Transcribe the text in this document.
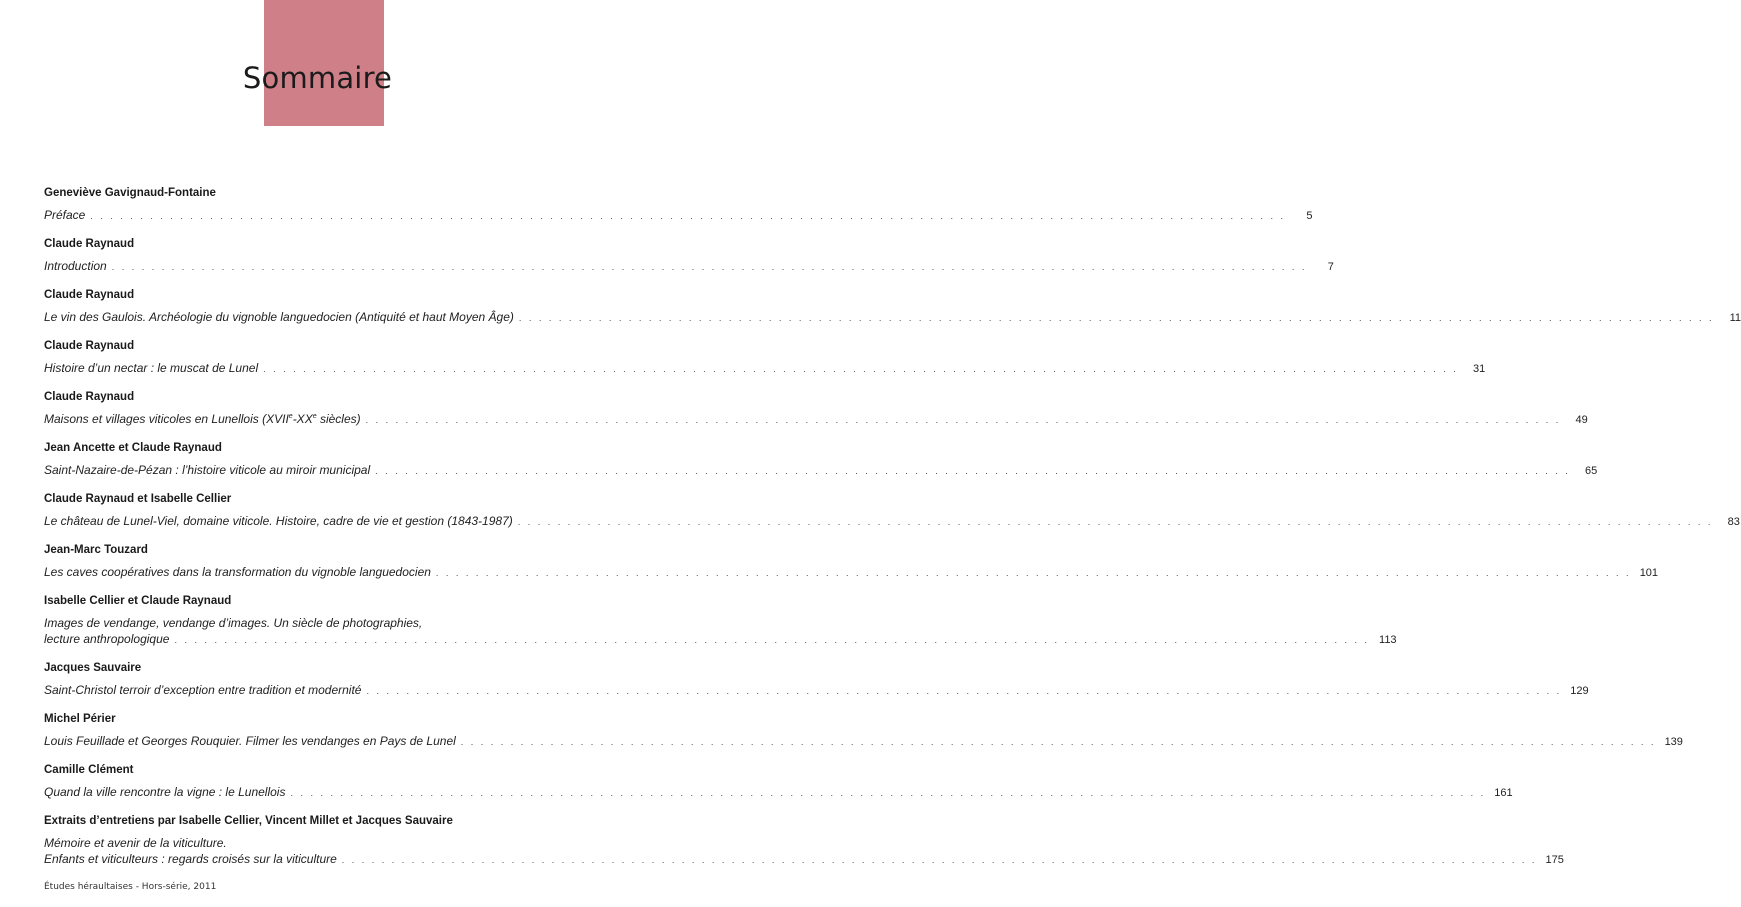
Sommaire
Geneviève Gavignaud-Fontaine
Préface . . . . . . . . . . . . . . . . . . . . . . . . . . . . . . . . . . . . . . . . . . . . . . . . . . . . . . . . . . . . . . . . . . . . . . . . . . . . . . . . . . . . . . . . . . . . . . . . . . . . . . . . . . . . . . . . . . . . . . . .	5
Claude Raynaud
Introduction . . . . . . . . . . . . . . . . . . . . . . . . . . . . . . . . . . . . . . . . . . . . . . . . . . . . . . . . . . . . . . . . . . . . . . . . . . . . . . . . . . . . . . . . . . . . . . . . . . . . . . . . . . . . . . . . . . . . . . . .	7
Claude Raynaud
Le vin des Gaulois. Archéologie du vignoble languedocien (Antiquité et haut Moyen Âge) . . . . . . . . . . . . . . . . . . . . . . . . . . . . . . . . . . . . . . . . . . . . . . . . . . . . . . . . . . . . . . . . . . . . . . . . . . . . . . . . . . . . . . . . . . . . . . . . . . . . . . . . . . . . . . . . . . . . . . . .	11
Claude Raynaud
Histoire d’un nectar : le muscat de Lunel . . . . . . . . . . . . . . . . . . . . . . . . . . . . . . . . . . . . . . . . . . . . . . . . . . . . . . . . . . . . . . . . . . . . . . . . . . . . . . . . . . . . . . . . . . . . . . . . . . . . . . . . . . . . . . . . . . . . . . . .	31
Claude Raynaud
Maisons et villages viticoles en Lunellois (XVIIe-XXe siècles) . . . . . . . . . . . . . . . . . . . . . . . . . . . . . . . . . . . . . . . . . . . . . . . . . . . . . . . . . . . . . . . . . . . . . . . . . . . . . . . . . . . . . . . . . . . . . . . . . . . . . . . . . . . . . . . . . . . . . . . .	49
Jean Ancette et Claude Raynaud
Saint-Nazaire-de-Pézan : l’histoire viticole au miroir municipal . . . . . . . . . . . . . . . . . . . . . . . . . . . . . . . . . . . . . . . . . . . . . . . . . . . . . . . . . . . . . . . . . . . . . . . . . . . . . . . . . . . . . . . . . . . . . . . . . . . . . . . . . . . . . . . . . . . . . . . .	65
Claude Raynaud et Isabelle Cellier
Le château de Lunel-Viel, domaine viticole. Histoire, cadre de vie et gestion (1843-1987) . . . . . . . . . . . . . . . . . . . . . . . . . . . . . . . . . . . . . . . . . . . . . . . . . . . . . . . . . . . . . . . . . . . . . . . . . . . . . . . . . . . . . . . . . . . . . . . . . . . . . . . . . . . . . . . . . . . . . . . .	83
Jean-Marc Touzard
Les caves coopératives dans la transformation du vignoble languedocien . . . . . . . . . . . . . . . . . . . . . . . . . . . . . . . . . . . . . . . . . . . . . . . . . . . . . . . . . . . . . . . . . . . . . . . . . . . . . . . . . . . . . . . . . . . . . . . . . . . . . . . . . . . . . . . . . . . . . . . . 101
Isabelle Cellier et Claude Raynaud
Images de vendange, vendange d’images. Un siècle de photographies,
lecture anthropologique . . . . . . . . . . . . . . . . . . . . . . . . . . . . . . . . . . . . . . . . . . . . . . . . . . . . . . . . . . . . . . . . . . . . . . . . . . . . . . . . . . . . . . . . . . . . . . . . . . . . . . . . . . . . . . . . . . . . . . . . 113
Jacques Sauvaire
Saint-Christol terroir d’exception entre tradition et modernité . . . . . . . . . . . . . . . . . . . . . . . . . . . . . . . . . . . . . . . . . . . . . . . . . . . . . . . . . . . . . . . . . . . . . . . . . . . . . . . . . . . . . . . . . . . . . . . . . . . . . . . . . . . . . . . . . . . . . . . . 129
Michel Périer
Louis Feuillade et Georges Rouquier. Filmer les vendanges en Pays de Lunel . . . . . . . . . . . . . . . . . . . . . . . . . . . . . . . . . . . . . . . . . . . . . . . . . . . . . . . . . . . . . . . . . . . . . . . . . . . . . . . . . . . . . . . . . . . . . . . . . . . . . . . . . . . . . . . . . . . . . . . . 139
Camille Clément
Quand la ville rencontre la vigne : le Lunellois . . . . . . . . . . . . . . . . . . . . . . . . . . . . . . . . . . . . . . . . . . . . . . . . . . . . . . . . . . . . . . . . . . . . . . . . . . . . . . . . . . . . . . . . . . . . . . . . . . . . . . . . . . . . . . . . . . . . . . . . 161
Extraits d’entretiens par Isabelle Cellier, Vincent Millet et Jacques Sauvaire
Mémoire et avenir de la viticulture.
Enfants et viticulteurs : regards croisés sur la viticulture . . . . . . . . . . . . . . . . . . . . . . . . . . . . . . . . . . . . . . . . . . . . . . . . . . . . . . . . . . . . . . . . . . . . . . . . . . . . . . . . . . . . . . . . . . . . . . . . . . . . . . . . . . . . . . . . . . . . . . . . 175
Études héraultaises - Hors-série, 2011
